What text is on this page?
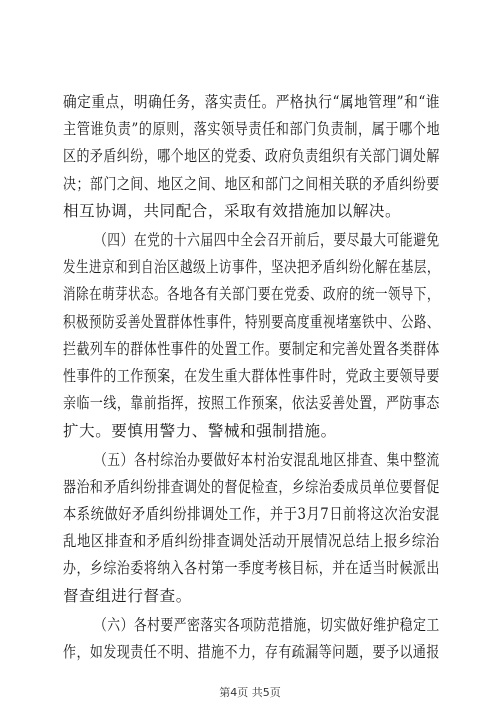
确定重点，明确任务，落实责任。严格执行“属地管理”和“谁
主管谁负责”的原则，落实领导责任和部门负责制，属于哪个地
区的矛盾纠纷，哪个地区的党委、政府负责组织有关部门调处解
决；部门之间、地区之间、地区和部门之间相关联的矛盾纠纷要
相互协调，共同配合，采取有效措施加以解决。
（四）在党的十六届四中全会召开前后，要尽最大可能避免
发生进京和到自治区越级上访事件，坚决把矛盾纠纷化解在基层，
消除在萌芽状态。各地各有关部门要在党委、政府的统一领导下，
积极预防妥善处置群体性事件，特别要高度重视堵塞铁中、公路、
拦截列车的群体性事件的处置工作。要制定和完善处置各类群体
性事件的工作预案，在发生重大群体性事件时，党政主要领导要
亲临一线，靠前指挥，按照工作预案，依法妥善处置，严防事态
扩大。要慎用警力、警械和强制措施。
（五）各村综治办要做好本村治安混乱地区排查、集中整流
器治和矛盾纠纷排查调处的督促检查，乡综治委成员单位要督促
本系统做好矛盾纠纷排调处工作，并于3月7日前将这次治安混
乱地区排查和矛盾纠纷排查调处活动开展情况总结上报乡综治
办，乡综治委将纳入各村第一季度考核目标，并在适当时候派出
督查组进行督查。
（六）各村要严密落实各项防范措施，切实做好维护稳定工
作，如发现责任不明、措施不力，存有疏漏等问题，要予以通报
第4页 共5页
